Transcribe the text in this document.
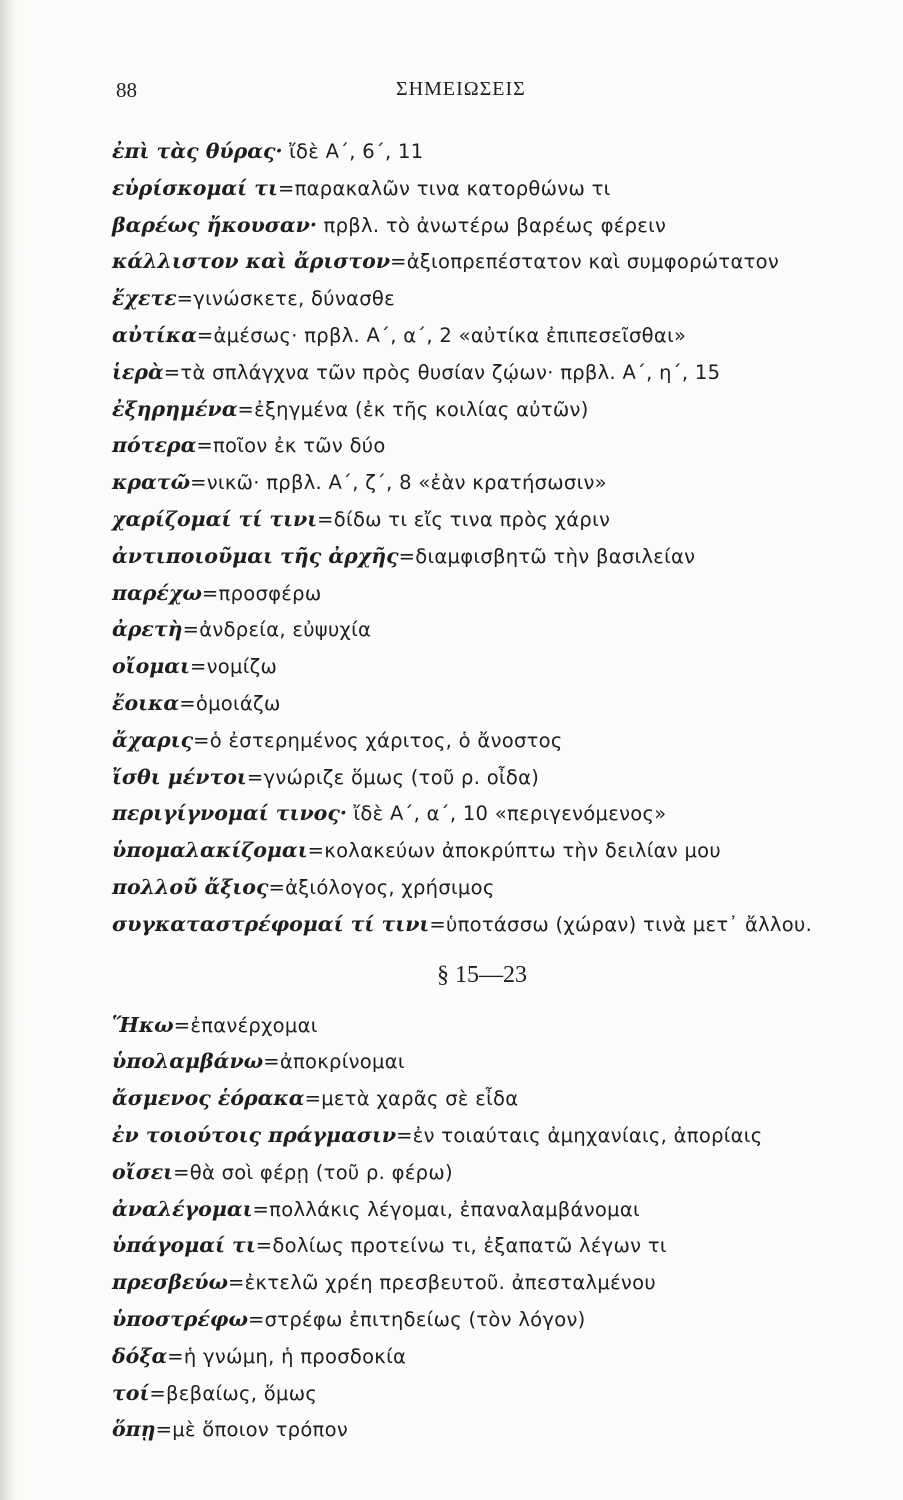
88	ΣΗΜΕΙΩΣΕΙΣ
ἐπὶ τὰς θύρας· ἴδὲ Α΄, 6΄, 11
εὑρίσκομαί τι=παρακαλῶν τινα κατορθώνω τι
βαρέως ἤκουσαν· πρβλ. τὸ ἀνωτέρω βαρέως φέρειν
κάλλιστον καὶ ἄριστον=ἀξιοπρεπέστατον καὶ συμφορώτατον
ἔχετε=γινώσκετε, δύνασθε
αὐτίκα=ἀμέσως· πρβλ. Α΄, α΄, 2 «αὐτίκα ἐπιπεσεῖσθαι»
ἱερὰ=τὰ σπλάγχνα τῶν πρὸς θυσίαν ζῴων· πρβλ. Α΄, η΄, 15
ἐξηρημένα=ἐξηγμένα (ἐκ τῆς κοιλίας αὐτῶν)
πότερα=ποῖον ἐκ τῶν δύο
κρατῶ=νικῶ· πρβλ. Α΄, ζ΄, 8 «ἐὰν κρατήσωσιν»
χαρίζομαί τί τινι=δίδω τι εἴς τινα πρὸς χάριν
ἀντιποιοῦμαι τῆς ἀρχῆς=διαμφισβητῶ τὴν βασιλείαν
παρέχω=προσφέρω
ἀρετὴ=ἀνδρεία, εὐψυχία
οἴομαι=νομίζω
ἔοικα=ὁμοιάζω
ἄχαρις=ὁ ἐστερημένος χάριτος, ὁ ἄνοστος
ἴσθι μέντοι=γνώριζε ὅμως (τοῦ ρ. οἶδα)
περιγίγνομαί τινος· ἴδὲ Α΄, α΄, 10 «περιγενόμενος»
ὑπομαλακίζομαι=κολακεύων ἀποκρύπτω τὴν δειλίαν μου
πολλοῦ ἄξιος=ἀξιόλογος, χρήσιμος
συγκαταστρέφομαί τί τινι=ὑποτάσσω (χώραν) τινὰ μετ᾽ ἄλλου.
§ 15—23
Ἥκω=ἐπανέρχομαι
ὑπολαμβάνω=ἀποκρίνομαι
ἄσμενος ἑόρακα=μετὰ χαρᾶς σὲ εἶδα
ἐν τοιούτοις πράγμασιν=ἐν τοιαύταις ἀμηχανίαις, ἀπορίαις
οἴσει=θὰ σοὶ φέρῃ (τοῦ ρ. φέρω)
ἀναλέγομαι=πολλάκις λέγομαι, ἐπαναλαμβάνομαι
ὑπάγομαί τι=δολίως προτείνω τι, ἐξαπατῶ λέγων τι
πρεσβεύω=ἐκτελῶ χρέη πρεσβευτοῦ. ἀπεσταλμένου
ὑποστρέφω=στρέφω ἐπιτηδείως (τὸν λόγον)
δόξα=ἡ γνώμη, ἡ προσδοκία
τοί=βεβαίως, ὅμως
ὅπῃ=μὲ ὅποιον τρόπον
